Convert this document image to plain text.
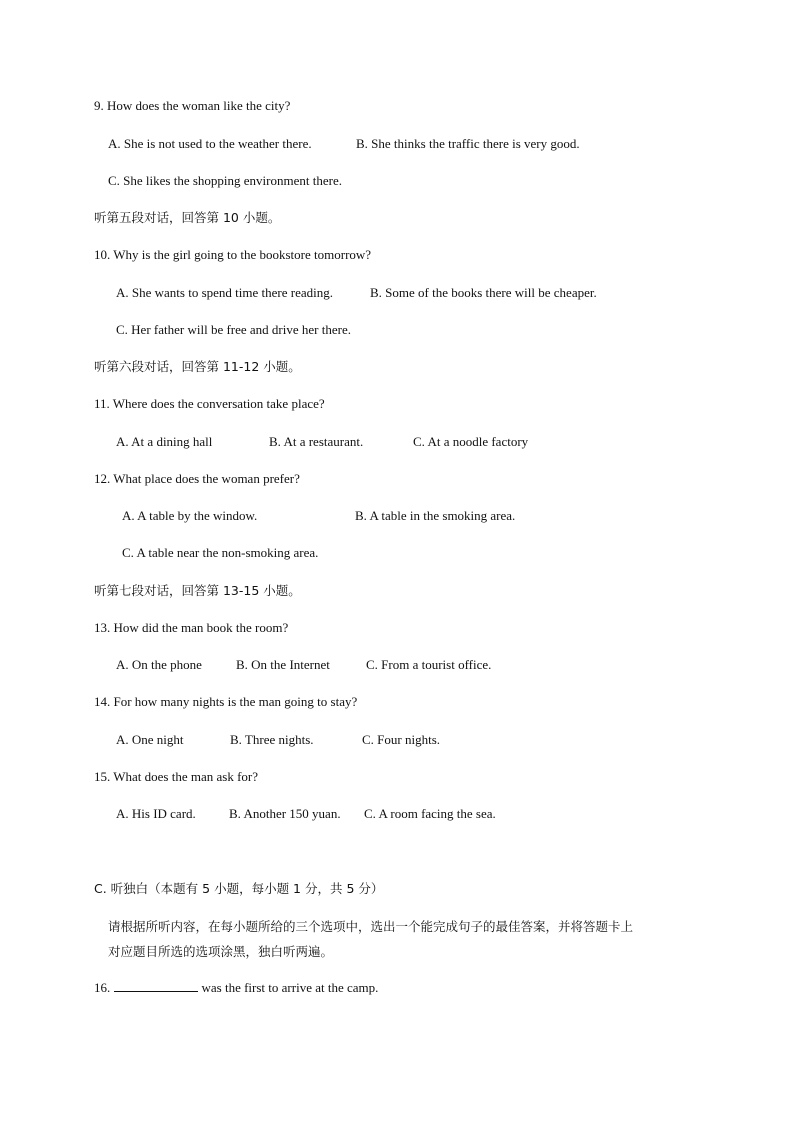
9. How does the woman like the city?
A. She is not used to the weather there.	B. She thinks the traffic there is very good.
C. She likes the shopping environment there.
听第五段对话，回答第 10 小题。
10. Why is the girl going to the bookstore tomorrow?
A. She wants to spend time there reading.	B. Some of the books there will be cheaper.
C. Her father will be free and drive her there.
听第六段对话，回答第 11-12 小题。
11. Where does the conversation take place?
A. At a dining hall	B. At a restaurant.	C. At a noodle factory
12. What place does the woman prefer?
A. A table by the window.	B. A table in the smoking area.
C. A table near the non-smoking area.
听第七段对话，回答第 13-15 小题。
13. How did the man book the room?
A. On the phone	B. On the Internet	C. From a tourist office.
14. For how many nights is the man going to stay?
A. One night	B. Three nights.	C. Four nights.
15. What does the man ask for?
A. His ID card.	B. Another 150 yuan. C. A room facing the sea.
C. 听独白（本题有 5 小题，每小题 1 分，共 5 分）
请根据所听内容，在每小题所给的三个选项中，选出一个能完成句子的最佳答案，并将答题卡上
对应题目所选的选项涂黑，独白听两遍。
16.	was the first to arrive at the camp.
